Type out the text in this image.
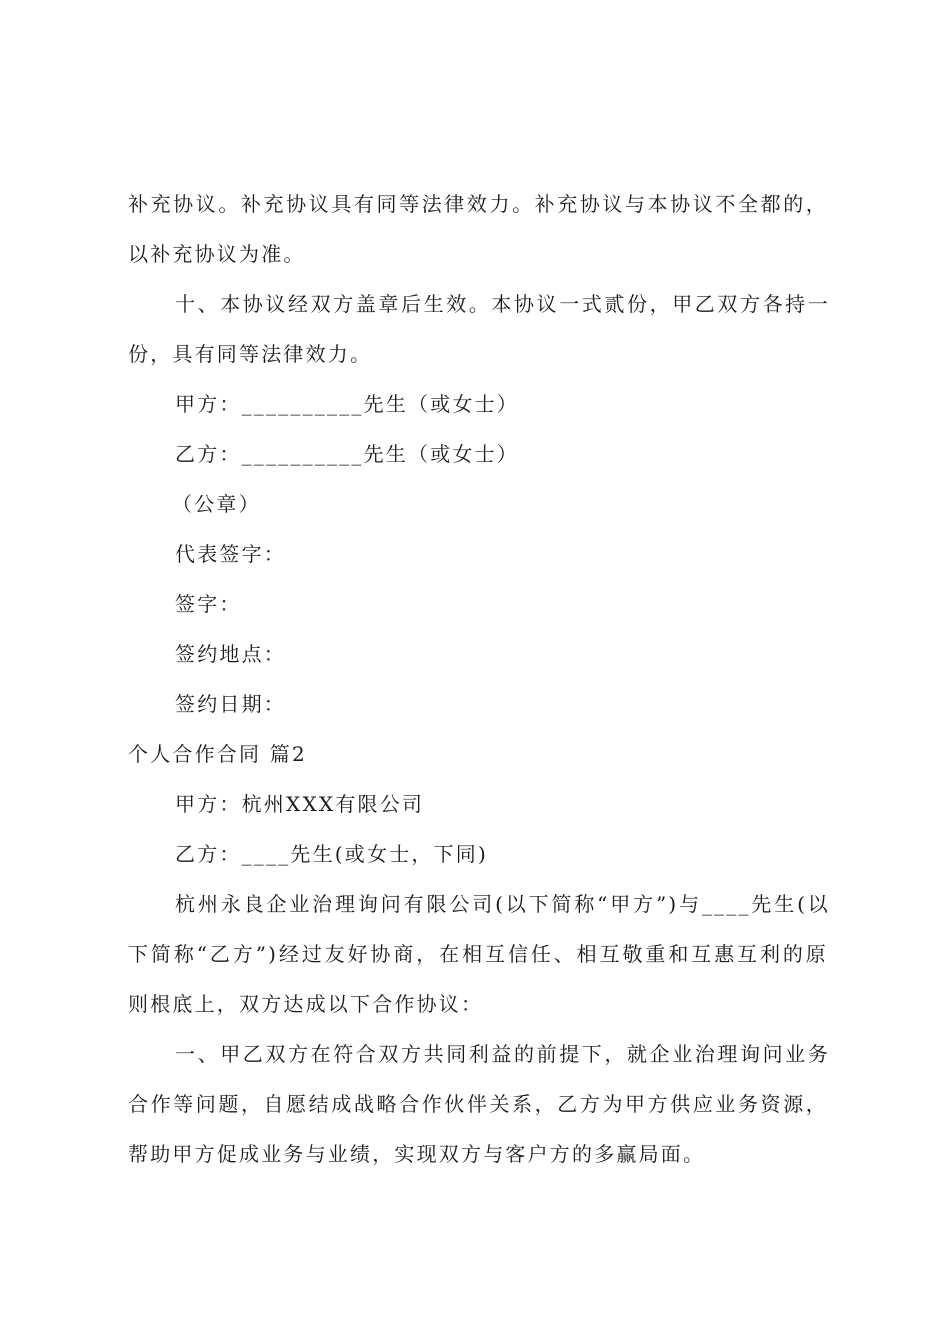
补充协议。补充协议具有同等法律效力。补充协议与本协议不全都的，
以补充协议为准。
十、本协议经双方盖章后生效。本协议一式贰份，甲乙双方各持一
份，具有同等法律效力。
甲方：__________先生（或女士）
乙方：__________先生（或女士）
（公章）
代表签字：
签字：
签约地点：
签约日期：
个人合作合同 篇2
甲方：杭州XXX有限公司
乙方：____先生(或女士，下同)
杭州永良企业治理询问有限公司(以下简称“甲方”)与____先生(以
下简称“乙方”)经过友好协商，在相互信任、相互敬重和互惠互利的原
则根底上，双方达成以下合作协议：
一、甲乙双方在符合双方共同利益的前提下，就企业治理询问业务
合作等问题，自愿结成战略合作伙伴关系，乙方为甲方供应业务资源，
帮助甲方促成业务与业绩，实现双方与客户方的多赢局面。
